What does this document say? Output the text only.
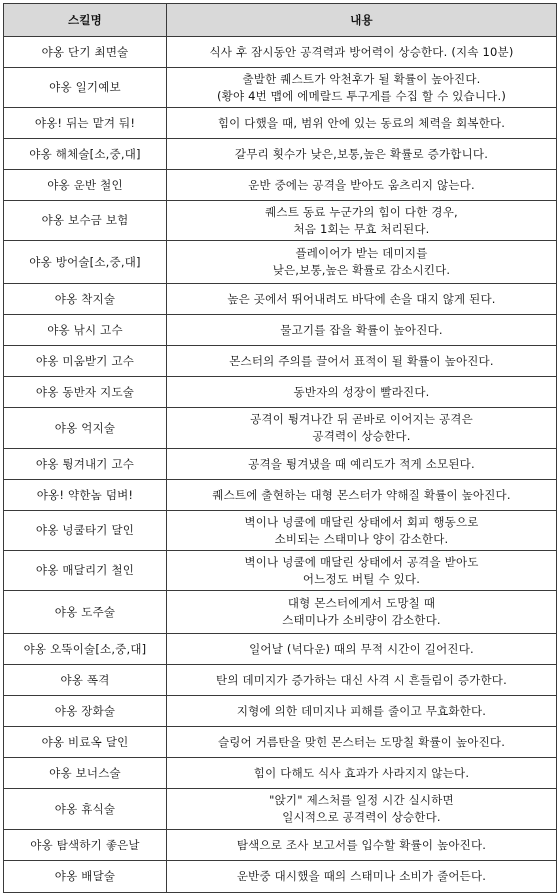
스킬명	내용
야옹 단기 최면술	식사 후 잠시동안 공격력과 방어력이 상승한다. (지속 10분)

야옹 일기예보	출발한 퀘스트가 악천후가 될 확률이 높아진다.
(황야 4번 맵에 에메랄드 투구게를 수집 할 수 있습니다.)

야옹! 뒤는 맡겨 둬!	힘이 다했을 때, 범위 안에 있는 동료의 체력을 회복한다.

야옹 해체술[소,중,대]	갈무리 횟수가 낮은,보통,높은 확률로 증가합니다.

야옹 운반 철인	운반 중에는 공격을 받아도 움츠리지 않는다.

야옹 보수금 보험	퀘스트 동료 누군가의 힘이 다한 경우,
처음 1회는 무효 처리된다.

야옹 방어술[소,중,대]	플레이어가 받는 데미지를
낮은,보통,높은 확률로 감소시킨다.

야옹 착지술	높은 곳에서 뛰어내려도 바닥에 손을 대지 않게 된다.

야옹 낚시 고수	물고기를 잡을 확률이 높아진다.

야옹 미움받기 고수	몬스터의 주의를 끌어서 표적이 될 확률이 높아진다.

야옹 동반자 지도술	동반자의 성장이 빨라진다.

야옹 억지술	공격이 튕겨나간 뒤 곧바로 이어지는 공격은
공격력이 상승한다.

야옹 튕겨내기 고수	공격을 튕겨냈을 때 예리도가 적게 소모된다.

야옹! 약한놈 덤벼!	퀘스트에 출현하는 대형 몬스터가 약해질 확률이 높아진다.

야옹 넝쿨타기 달인	벽이나 넝쿨에 매달린 상태에서 회피 행동으로
소비되는 스태미나 양이 감소한다.

야옹 매달리기 철인	벽이나 넝쿨에 매달린 상태에서 공격을 받아도
어느정도 버틸 수 있다.

야옹 도주술	대형 몬스터에게서 도망칠 때
스태미나가 소비량이 감소한다.

야옹 오뚝이술[소,중,대]	일어날 (넉다운) 때의 무적 시간이 길어진다.

야옹 폭격	탄의 데미지가 증가하는 대신 사격 시 흔들림이 증가한다.

야옹 장화술	지형에 의한 데미지나 피해를 줄이고 무효화한다.

야옹 비료옥 달인	슬링어 거름탄을 맞힌 몬스터는 도망칠 확률이 높아진다.

야옹 보너스술	힘이 다해도 식사 효과가 사라지지 않는다.

야옹 휴식술	"앉기" 제스처를 일정 시간 실시하면
일시적으로 공격력이 상승한다.

야옹 탐색하기 좋은날	탐색으로 조사 보고서를 입수할 확률이 높아진다.

야옹 배달술	운반중 대시했을 때의 스태미나 소비가 줄어든다.
